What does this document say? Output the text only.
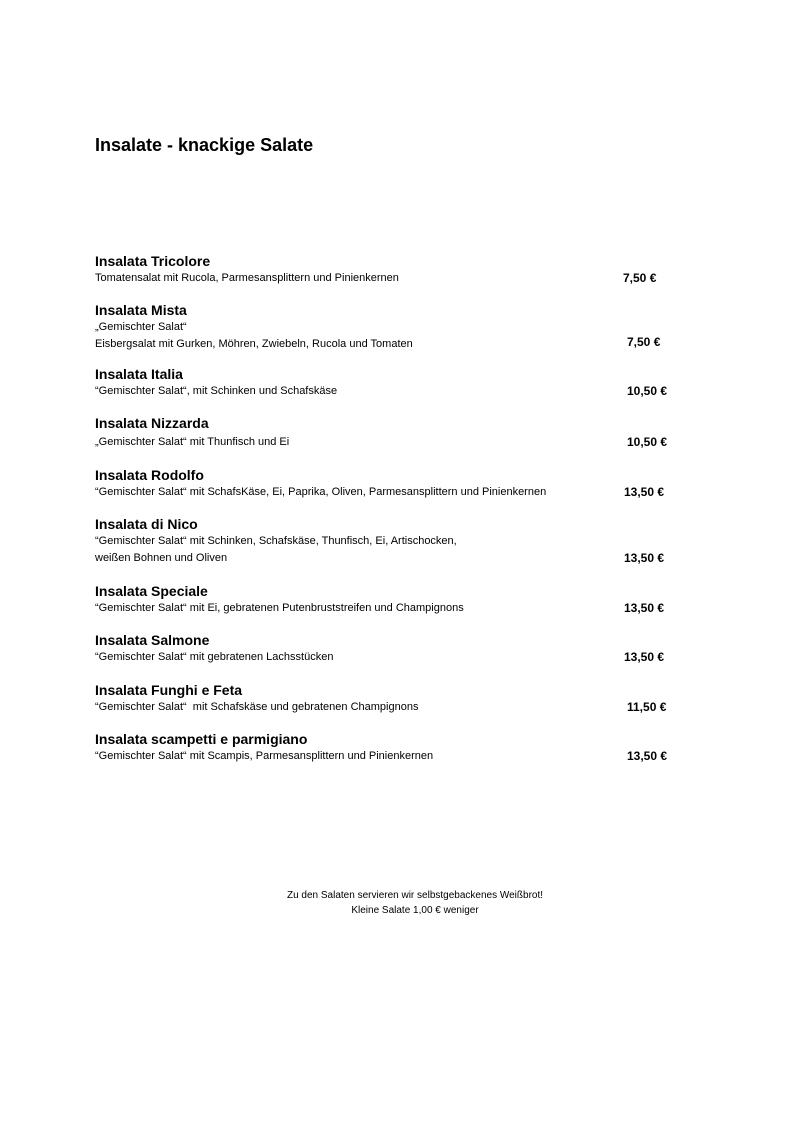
Insalate - knackige Salate
Insalata Tricolore
Tomatensalat mit Rucola, Parmesansplittern und Pinienkernen	7,50 €
Insalata Mista
„Gemischter Salat“
Eisbergsalat mit Gurken, Möhren, Zwiebeln, Rucola und Tomaten	7,50 €
Insalata Italia
“Gemischter Salat“, mit Schinken und Schafskäse	10,50 €
Insalata Nizzarda
„Gemischter Salat“ mit Thunfisch und Ei	10,50 €
Insalata Rodolfo
“Gemischter Salat“ mit SchafsKäse, Ei, Paprika, Oliven, Parmesansplittern und Pinienkernen	13,50 €
Insalata di Nico
“Gemischter Salat“ mit Schinken, Schafskäse, Thunfisch, Ei, Artischocken,
weißen Bohnen und Oliven	13,50 €
Insalata Speciale
“Gemischter Salat“ mit Ei, gebratenen Putenbruststreifen und Champignons	13,50 €
Insalata Salmone
“Gemischter Salat“ mit gebratenen Lachsstücken	13,50 €
Insalata Funghi e Feta
“Gemischter Salat“  mit Schafskäse und gebratenen Champignons	11,50 €
Insalata scampetti e parmigiano
“Gemischter Salat“ mit Scampis, Parmesansplittern und Pinienkernen	13,50 €
Zu den Salaten servieren wir selbstgebackenes Weißbrot!
Kleine Salate 1,00 € weniger
